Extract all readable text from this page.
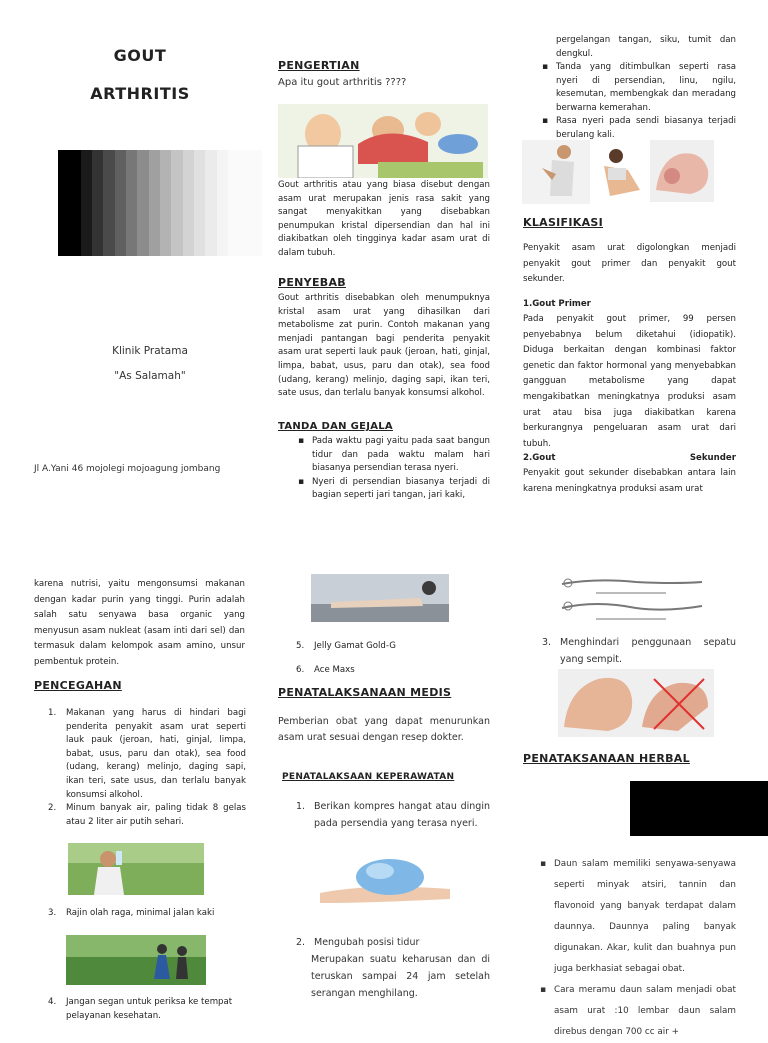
GOUT
ARTHRITIS
Klinik Pratama
"As Salamah"
Jl A.Yani 46 mojolegi mojoagung jombang
PENGERTIAN
Apa itu gout arthritis ????
Gout arthritis atau yang biasa disebut dengan asam urat merupakan jenis rasa sakit yang sangat menyakitkan yang disebabkan penumpukan kristal dipersendian dan hal ini diakibatkan oleh tingginya kadar asam urat di dalam tubuh.
PENYEBAB
Gout arthritis disebabkan oleh menumpuknya kristal asam urat yang dihasilkan dari metabolisme zat purin. Contoh makanan yang menjadi pantangan bagi penderita penyakit asam urat seperti lauk pauk (jeroan, hati, ginjal, limpa, babat, usus, paru dan otak), sea food (udang, kerang) melinjo, daging sapi, ikan teri, sate usus, dan terlalu banyak konsumsi alkohol.
TANDA DAN GEJALA
▪ Pada waktu pagi yaitu pada saat bangun tidur dan pada waktu malam hari biasanya persendian terasa nyeri.
▪ Nyeri di persendian biasanya terjadi di bagian seperti jari tangan, jari kaki,
pergelangan tangan, siku, tumit dan dengkul.
▪ Tanda yang ditimbulkan seperti rasa nyeri di persendian, linu, ngilu, kesemutan, membengkak dan meradang berwarna kemerahan.
▪ Rasa nyeri pada sendi biasanya terjadi berulang kali.
KLASIFIKASI
Penyakit asam urat digolongkan menjadi penyakit gout primer dan penyakit gout sekunder.
1.Gout Primer
Pada penyakit gout primer, 99 persen penyebabnya belum diketahui (idiopatik). Diduga berkaitan dengan kombinasi faktor genetic dan faktor hormonal yang menyebabkan gangguan metabolisme yang dapat mengakibatkan meningkatnya produksi asam urat atau bisa juga diakibatkan karena berkurangnya pengeluaran asam urat dari tubuh.
2.Gout	Sekunder
Penyakit gout sekunder disebabkan antara lain karena meningkatnya produksi asam urat
karena nutrisi, yaitu mengonsumsi makanan dengan kadar purin yang tinggi. Purin adalah salah satu senyawa basa organic yang menyusun asam nukleat (asam inti dari sel) dan termasuk dalam kelompok asam amino, unsur pembentuk protein.
PENCEGAHAN
1.	Makanan yang harus di hindari bagi penderita penyakit asam urat seperti lauk pauk (jeroan, hati, ginjal, limpa, babat, usus, paru dan otak), sea food (udang, kerang) melinjo, daging sapi, ikan teri, sate usus, dan terlalu banyak konsumsi alkohol.
2.	Minum banyak air, paling tidak 8 gelas atau 2 liter air putih sehari.
3.	Rajin olah raga, minimal jalan kaki
4.	Jangan segan untuk periksa ke tempat pelayanan kesehatan.
5.	Jelly Gamat Gold-G
6.	Ace Maxs
PENATALAKSANAAN MEDIS
Pemberian obat yang dapat menurunkan asam urat sesuai dengan resep dokter.
PENATALAKSAAN KEPERAWATAN
1. Berikan kompres hangat atau dingin pada persendia yang terasa nyeri.
2. Mengubah posisi tidur
Merupakan suatu keharusan dan di teruskan sampai 24 jam setelah serangan menghilang.
3. Menghindari penggunaan sepatu yang sempit.
PENATAKSANAAN HERBAL
▪ Daun salam memiliki senyawa-senyawa seperti minyak atsiri, tannin dan flavonoid yang banyak terdapat dalam daunnya. Daunnya paling banyak digunakan. Akar, kulit dan buahnya pun juga berkhasiat sebagai obat.
▪ Cara meramu daun salam menjadi obat asam urat :10 lembar daun salam direbus dengan 700 cc air +
